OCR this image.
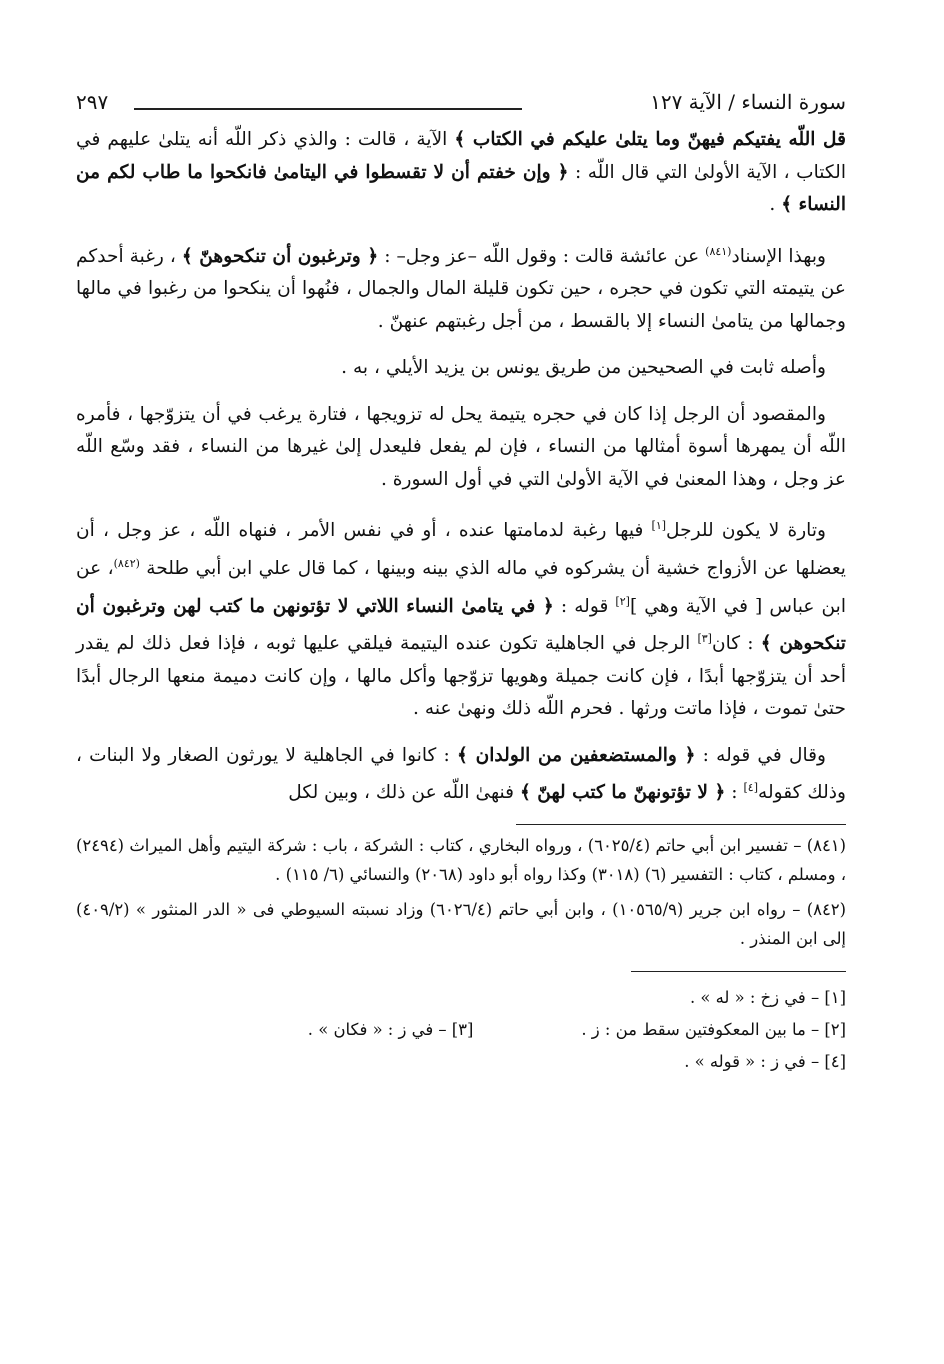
سورة النساء / الآية ١٢٧
٢٩٧

قل اللّه يفتيكم فيهنّ وما يتلىٰ عليكم في الكتاب ﴾ الآية ، قالت : والذي ذكر اللّه أنه يتلىٰ عليهم في الكتاب ، الآية الأولىٰ التي قال اللّه : ﴿ وإن خفتم أن لا تقسطوا في اليتامىٰ فانكحوا ما طاب لكم من النساء ﴾ .

وبهذا الإسناد$^{(٨٤١)}$ عن عائشة قالت : وقول اللّه –عز وجل– : ﴿ وترغبون أن تنكحوهنّ ﴾ ، رغبة أحدكم عن يتيمته التي تكون في حجره ، حين تكون قليلة المال والجمال ، فنُهوا أن ينكحوا من رغبوا في مالها وجمالها من يتامىٰ النساء إلا بالقسط ، من أجل رغبتهم عنهنّ .

وأصله ثابت في الصحيحين من طريق يونس بن يزيد الأيلي ، به .

والمقصود أن الرجل إذا كان في حجره يتيمة يحل له تزويجها ، فتارة يرغب في أن يتزوّجها ، فأمره اللّه أن يمهرها أسوة أمثالها من النساء ، فإن لم يفعل فليعدل إلىٰ غيرها من النساء ، فقد وسّع اللّه عز وجل ، وهذا المعنىٰ في الآية الأولىٰ التي في أول السورة .

وتارة لا يكون للرجل[١] فيها رغبة لدمامتها عنده ، أو في نفس الأمر ، فنهاه اللّه ، عز وجل ، أن يعضلها عن الأزواج خشية أن يشركوه في ماله الذي بينه وبينها ، كما قال علي ابن أبي طلحة $^{(٨٤٢)}$، عن ابن عباس [ في الآية وهي ][٢] قوله : ﴿ في يتامىٰ النساء اللاتي لا تؤتونهن ما كتب لهن وترغبون أن تنكحوهن ﴾ : كان[٣] الرجل في الجاهلية تكون عنده اليتيمة فيلقي عليها ثوبه ، فإذا فعل ذلك لم يقدر أحد أن يتزوّجها أبدًا ، فإن كانت جميلة وهويها تزوّجها وأكل مالها ، وإن كانت دميمة منعها الرجال أبدًا حتىٰ تموت ، فإذا ماتت ورثها . فحرم اللّه ذلك ونهىٰ عنه .

وقال في قوله : ﴿ والمستضعفين من الولدان ﴾ : كانوا في الجاهلية لا يورثون الصغار ولا البنات ، وذلك كقوله[٤] : ﴿ لا تؤتونهنّ ما كتب لهنّ ﴾ فنهىٰ اللّه عن ذلك ، وبين لكل

(٨٤١) – تفسير ابن أبي حاتم (٦٠٢٥/٤) ، ورواه البخاري ، كتاب : الشركة ، باب : شركة اليتيم وأهل الميراث (٢٤٩٤) ، ومسلم ، كتاب : التفسير (٦) (٣٠١٨) وكذا رواه أبو داود (٢٠٦٨) والنسائي (٦/ ١١٥) .

(٨٤٢) – رواه ابن جرير (١٠٥٦٥/٩) ، وابن أبي حاتم (٦٠٢٦/٤) وزاد نسبته السيوطي فى « الدر المنثور » (٤٠٩/٢) إلى ابن المنذر .

[١] – في زخ : « له » .
[٢] – ما بين المعكوفتين سقط من : ز .
[٣] – في ز : « فكان » .
[٤] – في ز : « قوله » .
